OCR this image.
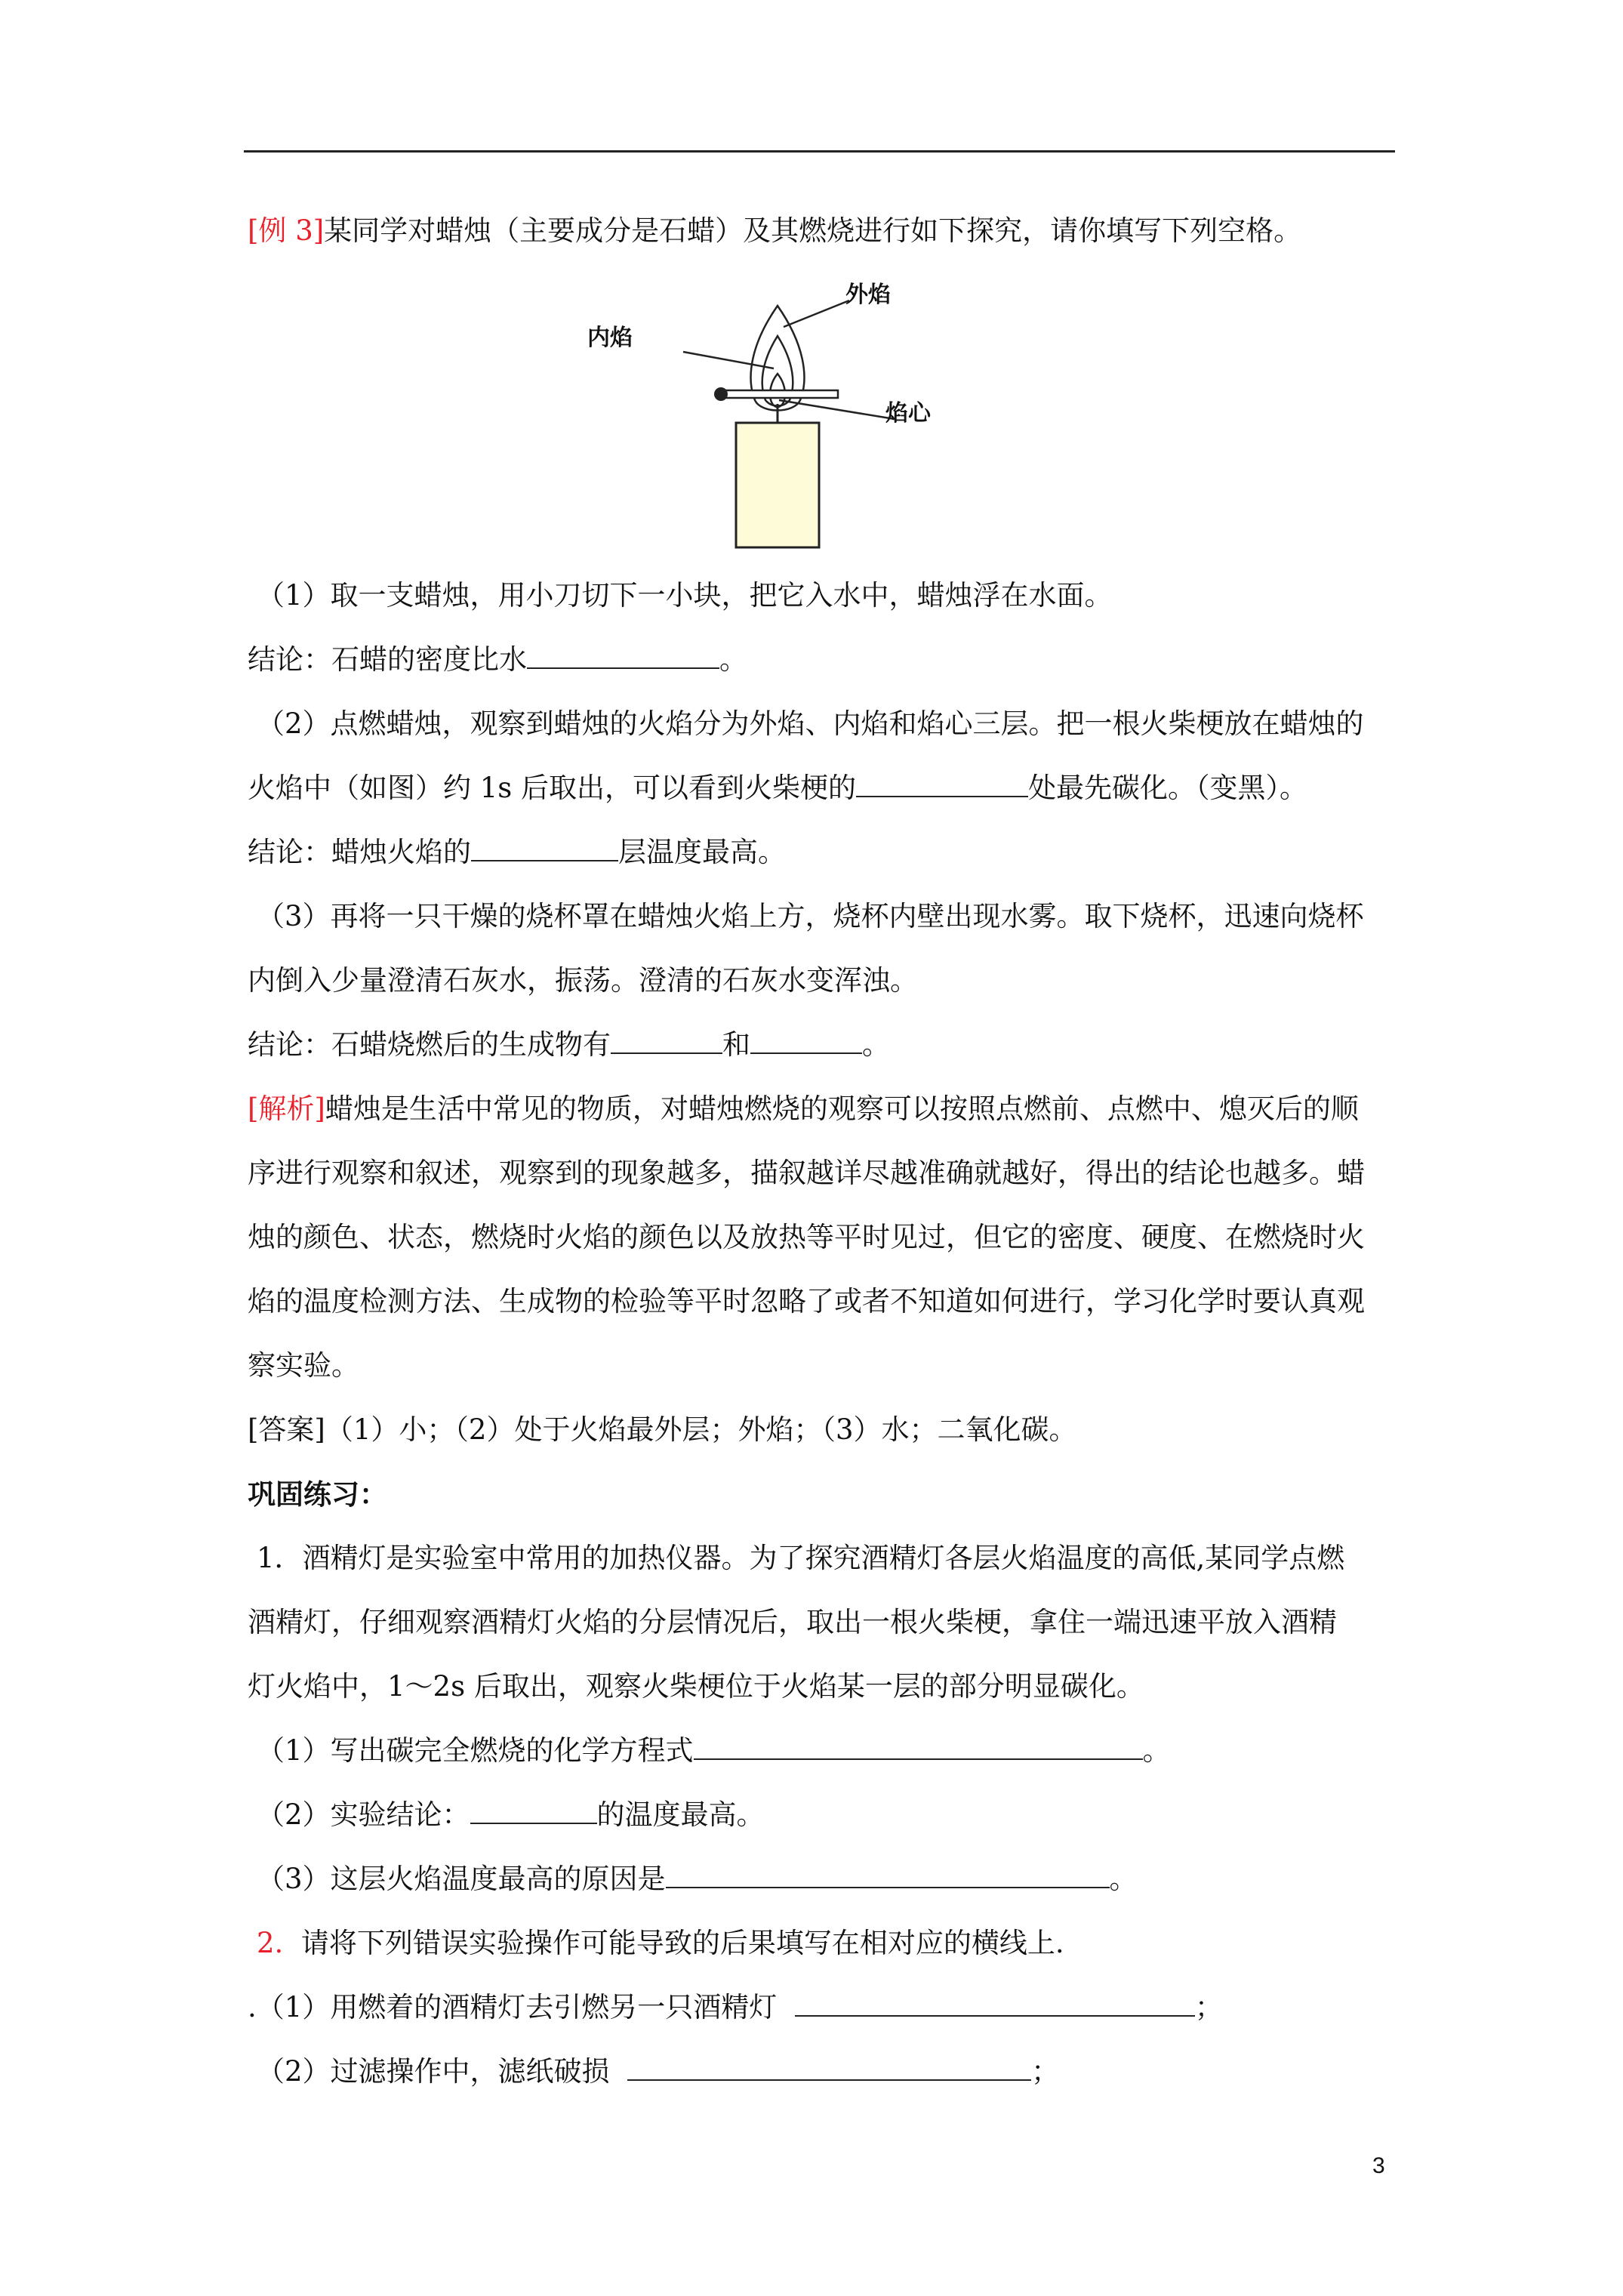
[例 3]某同学对蜡烛（主要成分是石蜡）及其燃烧进行如下探究，请你填写下列空格。
外焰
内焰
焰心
（1）取一支蜡烛，用小刀切下一小块，把它入水中，蜡烛浮在水面。
结论：石蜡的密度比水	。
（2）点燃蜡烛，观察到蜡烛的火焰分为外焰、内焰和焰心三层。把一根火柴梗放在蜡烛的
火焰中（如图）约 1s 后取出，可以看到火柴梗的	处最先碳化。（变黑）。
结论：蜡烛火焰的	层温度最高。
（3）再将一只干燥的烧杯罩在蜡烛火焰上方，烧杯内壁出现水雾。取下烧杯，迅速向烧杯
内倒入少量澄清石灰水，振荡。澄清的石灰水变浑浊。
结论：石蜡烧燃后的生成物有	和	。
[解析]蜡烛是生活中常见的物质，对蜡烛燃烧的观察可以按照点燃前、点燃中、熄灭后的顺
序进行观察和叙述，观察到的现象越多，描叙越详尽越准确就越好，得出的结论也越多。蜡
烛的颜色、状态，燃烧时火焰的颜色以及放热等平时见过，但它的密度、硬度、在燃烧时火
焰的温度检测方法、生成物的检验等平时忽略了或者不知道如何进行，学习化学时要认真观
察实验。
[答案]（1）小；（2）处于火焰最外层；外焰；（3）水；二氧化碳。
巩固练习：
1．酒精灯是实验室中常用的加热仪器。为了探究酒精灯各层火焰温度的高低,某同学点燃
酒精灯，仔细观察酒精灯火焰的分层情况后，取出一根火柴梗，拿住一端迅速平放入酒精
灯火焰中，1～2s 后取出，观察火柴梗位于火焰某一层的部分明显碳化。
（1）写出碳完全燃烧的化学方程式	。
（2）实验结论：	的温度最高。
（3）这层火焰温度最高的原因是	。
2. 请将下列错误实验操作可能导致的后果填写在相对应的横线上.
.（1）用燃着的酒精灯去引燃另一只酒精灯	；
（2）过滤操作中，滤纸破损	；
3
